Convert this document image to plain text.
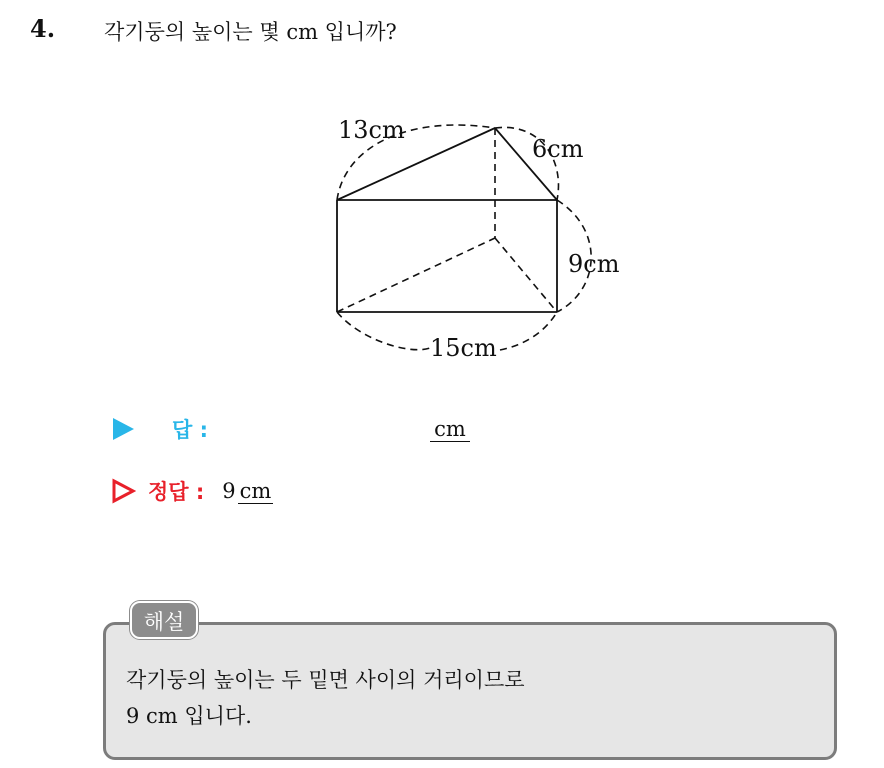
4. 각기둥의 높이는 몇 cm 입니까?
13cm
6cm
9cm
15cm
답 :	cm
정답 : 9 cm
해설
각기둥의 높이는 두 밑면 사이의 거리이므로
9 cm 입니다.
